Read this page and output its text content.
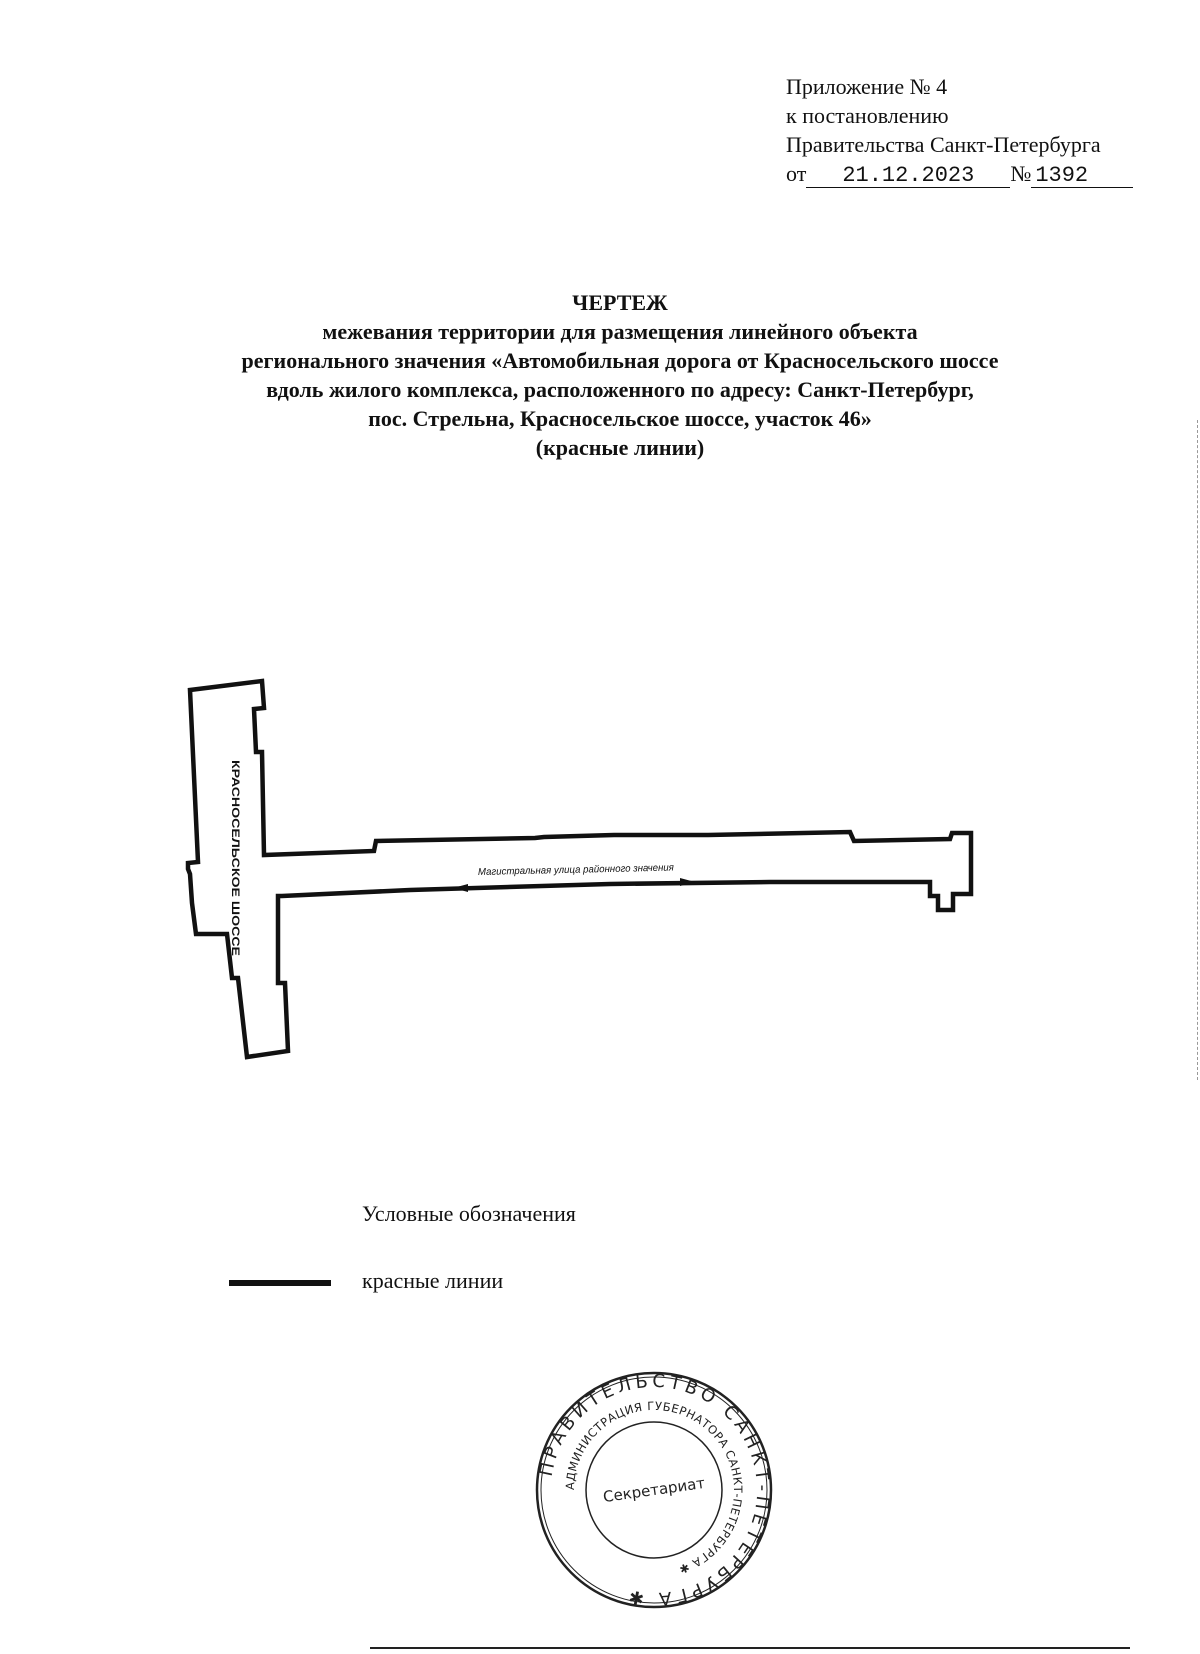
Приложение № 4
к постановлению
Правительства Санкт-Петербурга
от 21.12.2023 № 1392
ЧЕРТЕЖ
межевания территории для размещения линейного объекта
регионального значения «Автомобильная дорога от Красносельского шоссе
вдоль жилого комплекса, расположенного по адресу: Санкт-Петербург,
пос. Стрельна, Красносельское шоссе, участок 46»
(красные линии)
КРАСНОСЕЛЬСКОЕ ШОССЕ	Магистральная улица районного значения
Условные обозначения
красные линии
ПРАВИТЕЛЬСТВО САНКТ-ПЕТЕРБУРГА ✱
АДМИНИСТРАЦИЯ ГУБЕРНАТОРА САНКТ-ПЕТЕРБУРГА ✱
Секретариат
